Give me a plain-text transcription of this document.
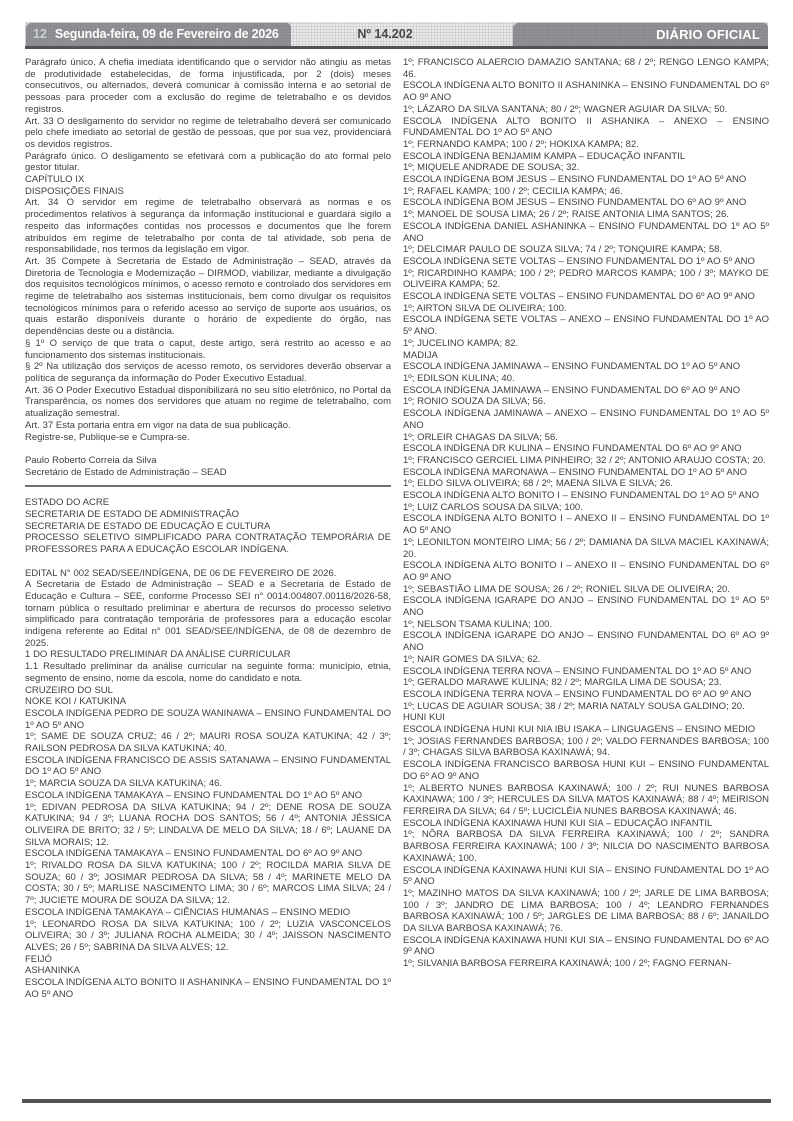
12 Segunda-feira, 09 de Fevereiro de 2026	Nº 14.202	DIÁRIO OFICIAL

Parágrafo único. A chefia imediata identificando que o servidor não atingiu as metas de produtividade estabelecidas, de forma injustificada, por 2 (dois) meses consecutivos, ou alternados, deverá comunicar à comissão interna e ao setorial de pessoas para proceder com a exclusão do regime de teletrabalho e os devidos registros.

Art. 33 O desligamento do servidor no regime de teletrabalho deverá ser comunicado pelo chefe imediato ao setorial de gestão de pessoas, que por sua vez, providenciará os devidos registros.

Parágrafo único. O desligamento se efetivará com a publicação do ato formal pelo gestor titular.

CAPÍTULO IX

DISPOSIÇÕES FINAIS

Art. 34 O servidor em regime de teletrabalho observará as normas e os procedimentos relativos à segurança da informação institucional e guardará sigilo a respeito das informações contidas nos processos e documentos que lhe forem atribuídos em regime de teletrabalho por conta de tal atividade, sob pena de responsabilidade, nos termos da legislação em vigor.

Art. 35 Compete à Secretaria de Estado de Administração – SEAD, através da Diretoria de Tecnologia e Modernização – DIRMOD, viabilizar, mediante a divulgação dos requisitos tecnológicos mínimos, o acesso remoto e controlado dos servidores em regime de teletrabalho aos sistemas institucionais, bem como divulgar os requisitos tecnológicos mínimos para o referido acesso ao serviço de suporte aos usuários, os quais estarão disponíveis durante o horário de expediente do órgão, nas dependências deste ou a distância.

§ 1º O serviço de que trata o caput, deste artigo, será restrito ao acesso e ao funcionamento dos sistemas institucionais.

§ 2º Na utilização dos serviços de acesso remoto, os servidores deverão observar a política de segurança da informação do Poder Executivo Estadual.

Art. 36 O Poder Executivo Estadual disponibilizará no seu sítio eletrônico, no Portal da Transparência, os nomes dos servidores que atuam no regime de teletrabalho, com atualização semestral.

Art. 37 Esta portaria entra em vigor na data de sua publicação.

Registre-se, Publique-se e Cumpra-se.

Paulo Roberto Correia da Silva

Secretário de Estado de Administração – SEAD

ESTADO DO ACRE

SECRETARIA DE ESTADO DE ADMINISTRAÇÃO

SECRETARIA DE ESTADO DE EDUCAÇÃO E CULTURA

PROCESSO SELETIVO SIMPLIFICADO PARA CONTRATAÇÃO TEMPORÁRIA DE PROFESSORES PARA A EDUCAÇÃO ESCOLAR INDÍGENA.

EDITAL N° 002 SEAD/SEE/INDÍGENA, DE 06 DE FEVEREIRO DE 2026.

A Secretaria de Estado de Administração – SEAD e a Secretaria de Estado de Educação e Cultura – SEE, conforme Processo SEI n° 0014.004807.00116/2026-58, tornam pública o resultado preliminar e abertura de recursos do processo seletivo simplificado para contratação temporária de professores para a educação escolar indígena referente ao Edital n° 001 SEAD/SEE/INDÍGENA, de 08 de dezembro de 2025.

1 DO RESULTADO PRELIMINAR DA ANÁLISE CURRICULAR

1.1 Resultado preliminar da análise curricular na seguinte forma: município, etnia, segmento de ensino, nome da escola, nome do candidato e nota.

CRUZEIRO DO SUL

NOKE KOI / KATUKINA

ESCOLA INDÍGENA PEDRO DE SOUZA WANINAWA – ENSINO FUNDAMENTAL DO 1º AO 5º ANO

1º; SAME DE SOUZA CRUZ; 46 / 2º; MAURI ROSA SOUZA KATUKINA; 42 / 3º; RAILSON PEDROSA DA SILVA KATUKINA; 40.

ESCOLA INDÍGENA FRANCISCO DE ASSIS SATANAWA – ENSINO FUNDAMENTAL DO 1º AO 5º ANO

1º; MARCIA SOUZA DA SILVA KATUKINA; 46.

ESCOLA INDÍGENA TAMAKAYA – ENSINO FUNDAMENTAL DO 1º AO 5º ANO

1º; EDIVAN PEDROSA DA SILVA KATUKINA; 94 / 2º; DENE ROSA DE SOUZA KATUKINA; 94 / 3º; LUANA ROCHA DOS SANTOS; 56 / 4º; ANTONIA JÉSSICA OLIVEIRA DE BRITO; 32 / 5º; LINDALVA DE MELO DA SILVA; 18 / 6º; LAUANE DA SILVA MORAIS; 12.

ESCOLA INDÍGENA TAMAKAYA – ENSINO FUNDAMENTAL DO 6º AO 9º ANO

1º; RIVALDO ROSA DA SILVA KATUKINA; 100 / 2º; ROCILDA MARIA SILVA DE SOUZA; 60 / 3º; JOSIMAR PEDROSA DA SILVA; 58 / 4º; MARINETE MELO DA COSTA; 30 / 5º; MARLISE NASCIMENTO LIMA; 30 / 6º; MARCOS LIMA SILVA; 24 / 7º; JUCIETE MOURA DE SOUZA DA SILVA; 12.

ESCOLA INDÍGENA TAMAKAYA – CIÊNCIAS HUMANAS – ENSINO MEDIO

1º; LEONARDO ROSA DA SILVA KATUKINA; 100 / 2º; LUZIA VASCONCELOS OLIVEIRA; 30 / 3º; JULIANA ROCHA ALMEIDA; 30 / 4º; JAISSON NASCIMENTO ALVES; 26 / 5º; SABRINA DA SILVA ALVES; 12.

FEIJÓ

ASHANINKA

ESCOLA INDÍGENA ALTO BONITO II ASHANINKA – ENSINO FUNDAMENTAL DO 1º AO 5º ANO

1º; FRANCISCO ALAERCIO DAMAZIO SANTANA; 68 / 2º; RENGO LENGO KAMPA; 46.

ESCOLA INDÍGENA ALTO BONITO II ASHANINKA – ENSINO FUNDAMENTAL DO 6º AO 9º ANO

1º; LÁZARO DA SILVA SANTANA; 80 / 2º; WAGNER AGUIAR DA SILVA; 50.

ESCOLA INDÍGENA ALTO BONITO II ASHANIKA – ANEXO – ENSINO FUNDAMENTAL DO 1º AO 5º ANO

1º; FERNANDO KAMPA; 100 / 2º; HOKIXA KAMPA; 82.

ESCOLA INDÍGENA BENJAMIM KAMPA – EDUCAÇÃO INFANTIL

1º; MIQUELE ANDRADE DE SOUSA; 32.

ESCOLA INDÍGENA BOM JESUS – ENSINO FUNDAMENTAL DO 1º AO 5º ANO

1º; RAFAEL KAMPA; 100 / 2º; CECILIA KAMPA; 46.

ESCOLA INDÍGENA BOM JESUS – ENSINO FUNDAMENTAL DO 6º AO 9º ANO

1º; MANOEL DE SOUSA LIMA; 26 / 2º; RAISE ANTONIA LIMA SANTOS; 26.

ESCOLA INDÍGENA DANIEL ASHANINKA – ENSINO FUNDAMENTAL DO 1º AO 5º ANO

1º; DELCIMAR PAULO DE SOUZA SILVA; 74 / 2º; TONQUIRE KAMPA; 58.

ESCOLA INDÍGENA SETE VOLTAS – ENSINO FUNDAMENTAL DO 1º AO 5º ANO

1º; RICARDINHO KAMPA; 100 / 2º; PEDRO MARCOS KAMPA; 100 / 3º; MAYKO DE OLIVEIRA KAMPA; 52.

ESCOLA INDÍGENA SETE VOLTAS – ENSINO FUNDAMENTAL DO 6º AO 9º ANO

1º; AIRTON SILVA DE OLIVEIRA; 100.

ESCOLA INDÍGENA SETE VOLTAS – ANEXO – ENSINO FUNDAMENTAL DO 1º AO 5º ANO.

1º; JUCELINO KAMPA; 82.

MADIJA

ESCOLA INDÍGENA JAMINAWA – ENSINO FUNDAMENTAL DO 1º AO 5º ANO

1º; EDILSON KULINA; 40.

ESCOLA INDÍGENA JAMINAWA – ENSINO FUNDAMENTAL DO 6º AO 9º ANO

1º; RONIO SOUZA DA SILVA; 56.

ESCOLA INDÍGENA JAMINAWA – ANEXO – ENSINO FUNDAMENTAL DO 1º AO 5º ANO

1º; ORLEIR CHAGAS DA SILVA; 56.

ESCOLA INDÍGENA DR KULINA – ENSINO FUNDAMENTAL DO 6º AO 9º ANO

1º; FRANCISCO GERCIEL LIMA PINHEIRO; 32 / 2º; ANTONIO ARAUJO COSTA; 20.

ESCOLA INDÍGENA MARONAWA – ENSINO FUNDAMENTAL DO 1º AO 5º ANO

1º; ELDO SILVA OLIVEIRA; 68 / 2º; MAENA SILVA E SILVA; 26.

ESCOLA INDÍGENA ALTO BONITO I – ENSINO FUNDAMENTAL DO 1º AO 5º ANO

1º; LUIZ CARLOS SOUSA DA SILVA; 100.

ESCOLA INDÍGENA ALTO BONITO I – ANEXO II – ENSINO FUNDAMENTAL DO 1º AO 5º ANO

1º; LEONILTON MONTEIRO LIMA; 56 / 2º; DAMIANA DA SILVA MACIEL KAXINAWÁ; 20.

ESCOLA INDÍGENA ALTO BONITO I – ANEXO II – ENSINO FUNDAMENTAL DO 6º AO 9º ANO

1º; SEBASTIÃO LIMA DE SOUSA; 26 / 2º; RONIEL SILVA DE OLIVEIRA; 20.

ESCOLA INDÍGENA IGARAPE DO ANJO – ENSINO FUNDAMENTAL DO 1º AO 5º ANO

1º; NELSON TSAMA KULINA; 100.

ESCOLA INDÍGENA IGARAPE DO ANJO – ENSINO FUNDAMENTAL DO 6º AO 9º ANO

1º; NAIR GOMES DA SILVA; 62.

ESCOLA INDÍGENA TERRA NOVA – ENSINO FUNDAMENTAL DO 1º AO 5º ANO

1º; GERALDO MARAWE KULINA; 82 / 2º; MARGILA LIMA DE SOUSA; 23.

ESCOLA INDÍGENA TERRA NOVA – ENSINO FUNDAMENTAL DO 6º AO 9º ANO

1º; LUCAS DE AGUIAR SOUSA; 38 / 2º; MARIA NATALY SOUSA GALDINO; 20.

HUNI KUI

ESCOLA INDÍGENA HUNI KUI NIA IBU ISAKA – LINGUAGENS – ENSINO MEDIO

1º; JOSIAS FERNANDES BARBOSA; 100 / 2º; VALDO FERNANDES BARBOSA; 100 / 3º; CHAGAS SILVA BARBOSA KAXINAWÁ; 94.

ESCOLA INDÍGENA FRANCISCO BARBOSA HUNI KUI – ENSINO FUNDAMENTAL DO 6º AO 9º ANO

1º; ALBERTO NUNES BARBOSA KAXINAWÁ; 100 / 2º; RUI NUNES BARBOSA KAXINAWA; 100 / 3º; HERCULES DA SILVA MATOS KAXINAWÁ; 88 / 4º; MEIRISON FERREIRA DA SILVA; 64 / 5º; LUCICLÉIA NUNES BARBOSA KAXINAWÁ; 46.

ESCOLA INDÍGENA KAXINAWA HUNI KUI SIA – EDUCAÇÃO INFANTIL

1º; NÔRA BARBOSA DA SILVA FERREIRA KAXINAWÁ; 100 / 2º; SANDRA BARBOSA FERREIRA KAXINAWÁ; 100 / 3º; NILCIA DO NASCIMENTO BARBOSA KAXINAWÁ; 100.

ESCOLA INDÍGENA KAXINAWA HUNI KUI SIA – ENSINO FUNDAMENTAL DO 1º AO 5º ANO

1º; MAZINHO MATOS DA SILVA KAXINAWÁ; 100 / 2º; JARLE DE LIMA BARBOSA; 100 / 3º; JANDRO DE LIMA BARBOSA; 100 / 4º; LEANDRO FERNANDES BARBOSA KAXINAWÁ; 100 / 5º; JARGLES DE LIMA BARBOSA; 88 / 6º; JANAILDO DA SILVA BARBOSA KAXINAWÁ; 76.

ESCOLA INDÍGENA KAXINAWA HUNI KUI SIA – ENSINO FUNDAMENTAL DO 6º AO 9º ANO

1º; SILVANIA BARBOSA FERREIRA KAXINAWÁ; 100 / 2º; FAGNO FERNAN-
